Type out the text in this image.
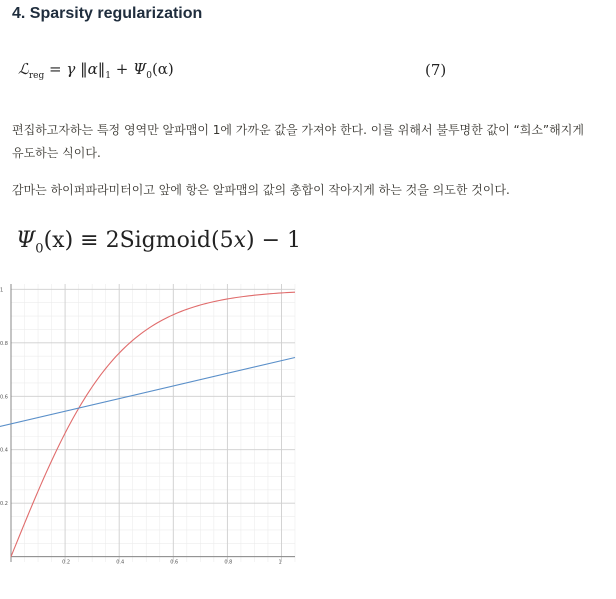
4. Sparsity regularization
ℒ$_{reg}$ = γ $‖\alpha‖_1 + \Psi_0(\alpha)$	(7)

편집하고자하는 특정 영역만 알파맵이 1에 가까운 값을 가져야 한다. 이를 위해서 불투명한 값이 “희소”해지게 유도하는 식이다.

감마는 하이퍼파라미터이고 앞에 항은 알파맵의 값의 총합이 작아지게 하는 것을 의도한 것이다.

$\Psi_0(x)$ ≡ 2Sigmoid(5x) − 1
0.2	0.4	0.6	0.8	1
0.2
0.4
0.6
0.8
1
